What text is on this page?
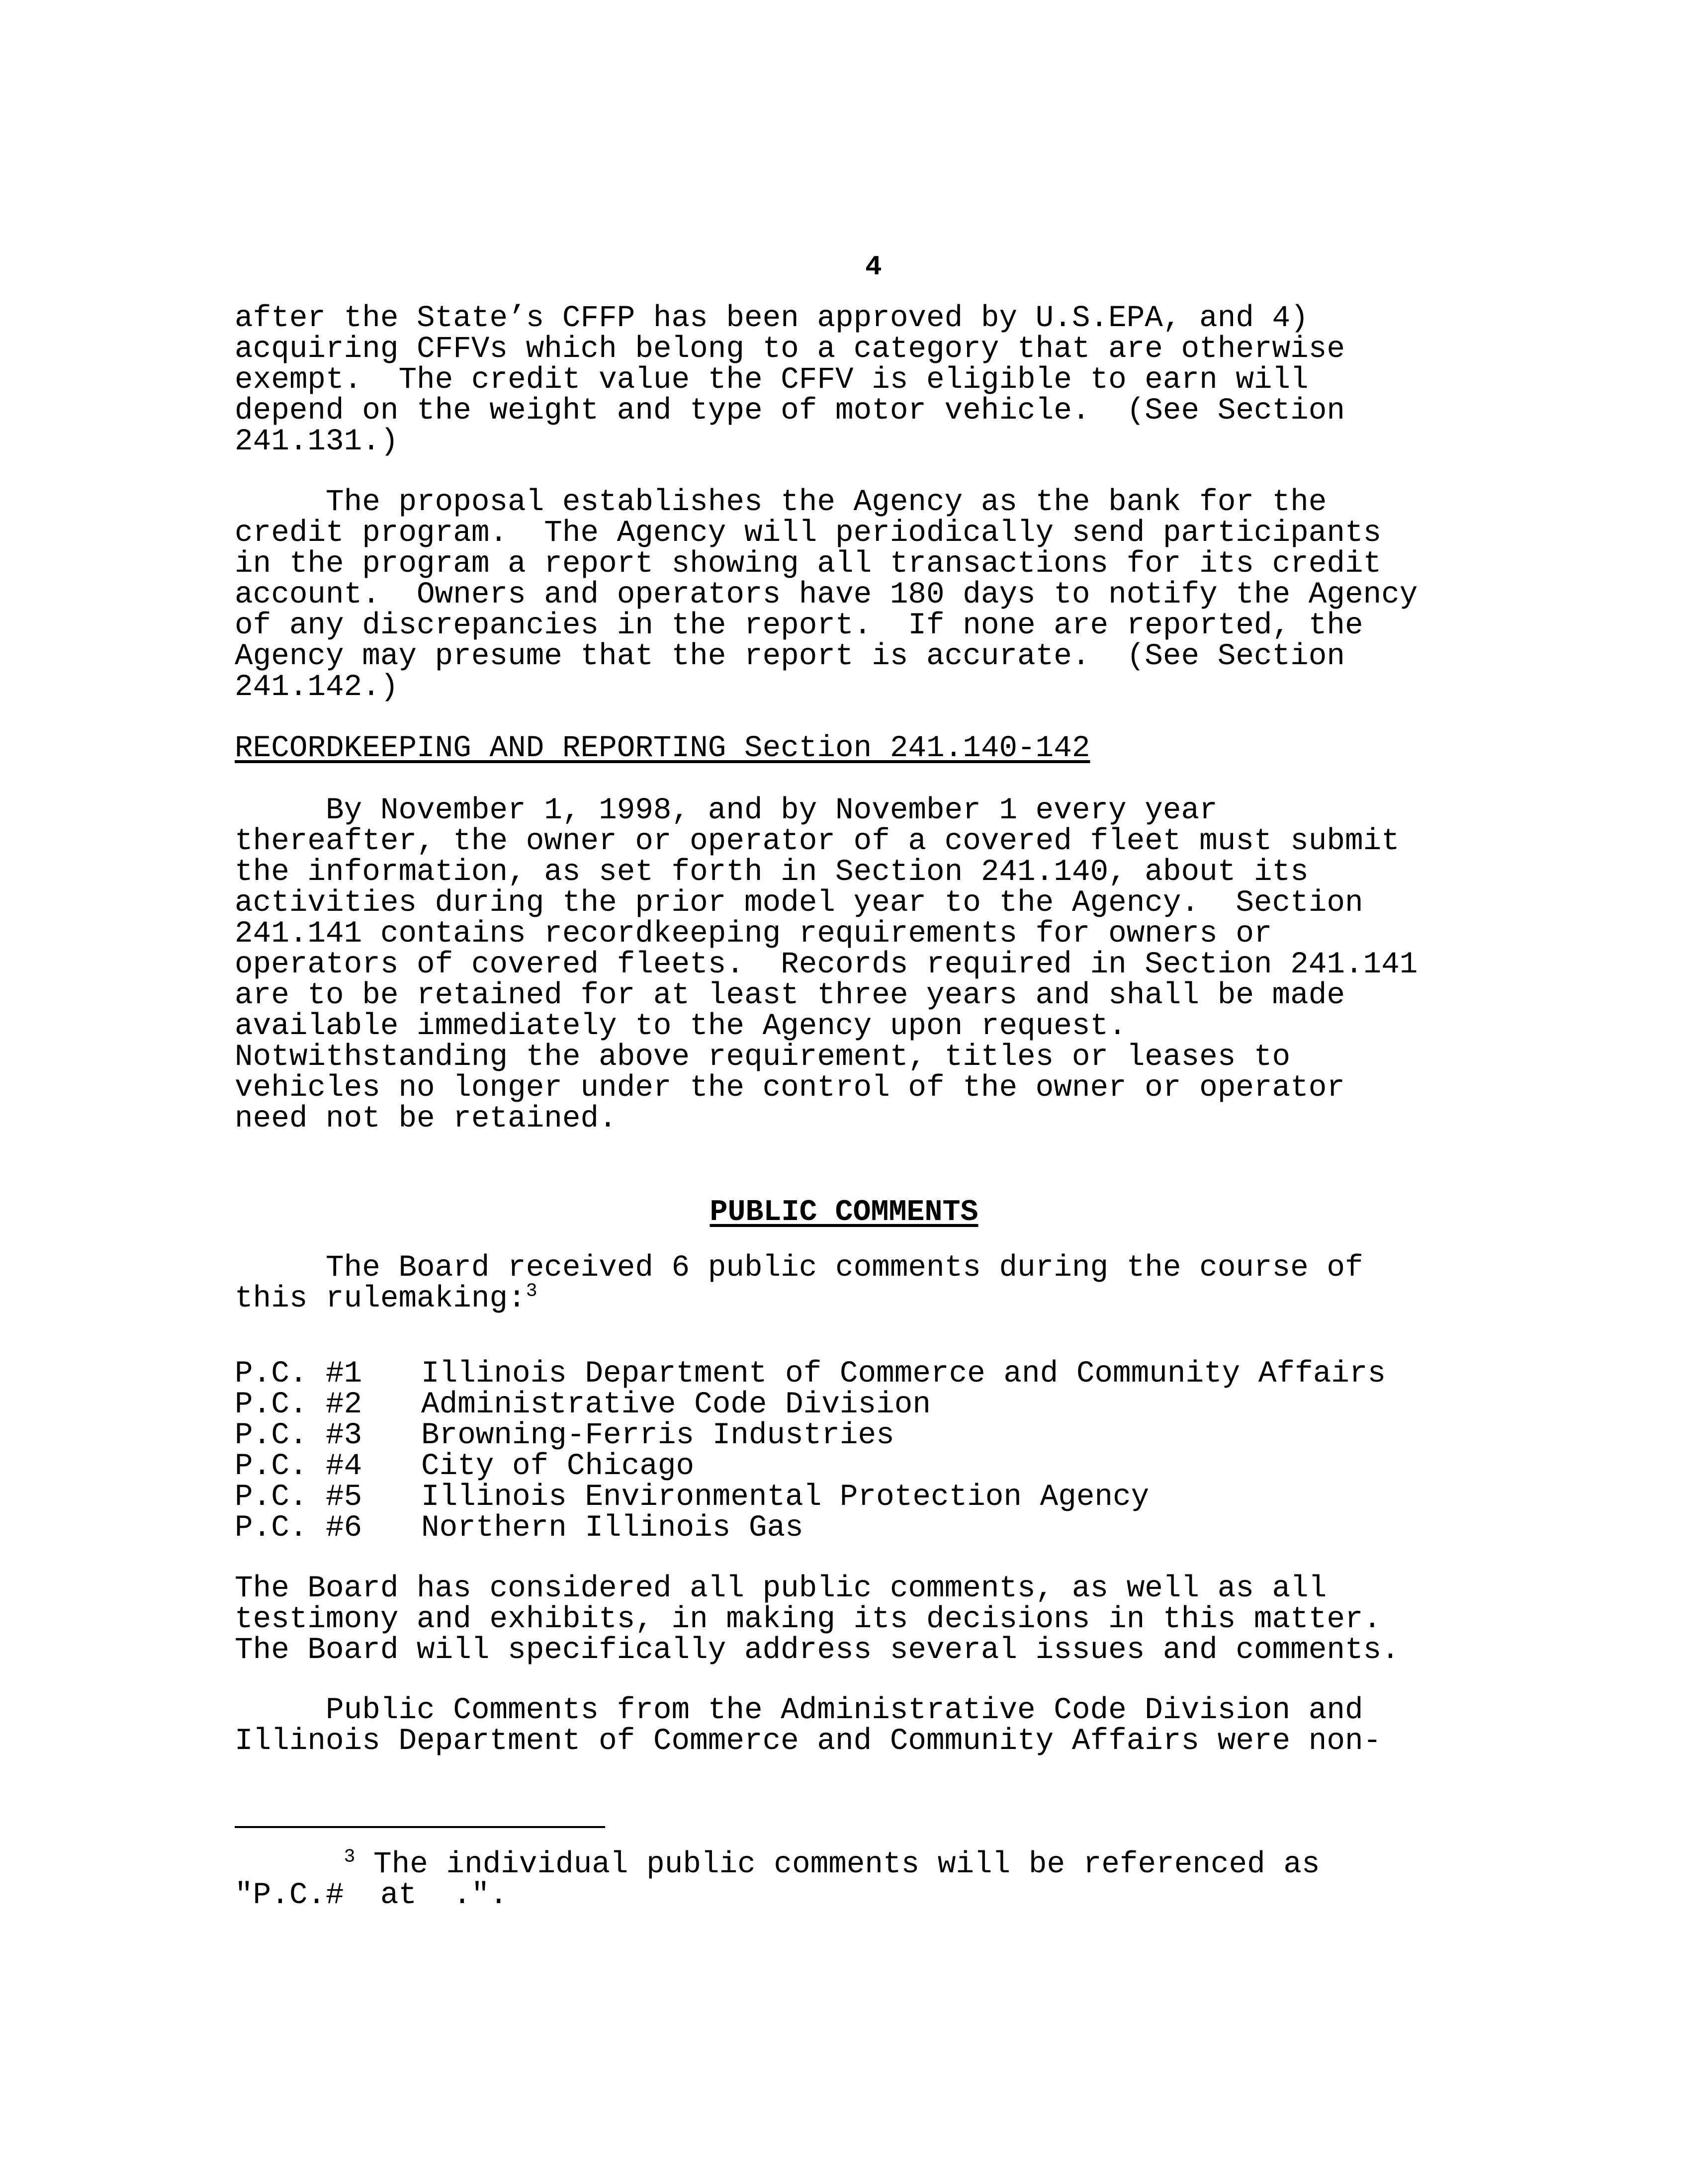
4
after the State’s CFFP has been approved by U.S.EPA, and 4)
acquiring CFFVs which belong to a category that are otherwise
exempt.  The credit value the CFFV is eligible to earn will
depend on the weight and type of motor vehicle.  (See Section
241.131.)
The proposal establishes the Agency as the bank for the
credit program.  The Agency will periodically send participants
in the program a report showing all transactions for its credit
account.  Owners and operators have 180 days to notify the Agency
of any discrepancies in the report.  If none are reported, the
Agency may presume that the report is accurate.  (See Section
241.142.)
RECORDKEEPING AND REPORTING Section 241.140-142
By November 1, 1998, and by November 1 every year
thereafter, the owner or operator of a covered fleet must submit
the information, as set forth in Section 241.140, about its
activities during the prior model year to the Agency.  Section
241.141 contains recordkeeping requirements for owners or
operators of covered fleets.  Records required in Section 241.141
are to be retained for at least three years and shall be made
available immediately to the Agency upon request.
Notwithstanding the above requirement, titles or leases to
vehicles no longer under the control of the owner or operator
need not be retained.
PUBLIC COMMENTS
The Board received 6 public comments during the course of
this rulemaking:$^3$
P.C. #1	Illinois Department of Commerce and Community Affairs
P.C. #2	Administrative Code Division
P.C. #3	Browning-Ferris Industries
P.C. #4	City of Chicago
P.C. #5	Illinois Environmental Protection Agency
P.C. #6	Northern Illinois Gas
The Board has considered all public comments, as well as all
testimony and exhibits, in making its decisions in this matter.
The Board will specifically address several issues and comments.
Public Comments from the Administrative Code Division and
Illinois Department of Commerce and Community Affairs were non-
$^3$ The individual public comments will be referenced as
"P.C.#  at  .".
